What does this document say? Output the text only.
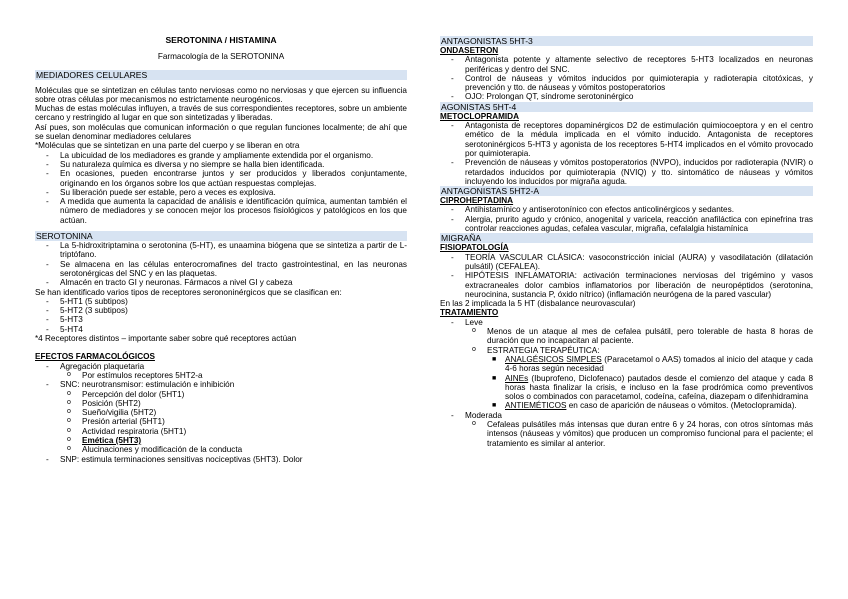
SEROTONINA / HISTAMINA

Farmacología de la SEROTONINA

MEDIADORES CELULARES

Moléculas que se sintetizan en células tanto nerviosas como no nerviosas y que ejercen su influencia sobre otras células por mecanismos no estrictamente neurogénicos.

Muchas de estas moléculas influyen, a través de sus correspondientes receptores, sobre un ambiente cercano y restringido al lugar en que son sintetizadas y liberadas.

Así pues, son moléculas que comunican información o que regulan funciones localmente; de ahí que se suelan denominar mediadores celulares

*Moléculas que se sintetizan en una parte del cuerpo y se liberan en otra

- La ubicuidad de los mediadores es grande y ampliamente extendida por el organismo.
- Su naturaleza química es diversa y no siempre se halla bien identificada.
- En ocasiones, pueden encontrarse juntos y ser producidos y liberados conjuntamente, originando en los órganos sobre los que actúan respuestas complejas.
- Su liberación puede ser estable, pero a veces es explosiva.
- A medida que aumenta la capacidad de análisis e identificación química, aumentan también el número de mediadores y se conocen mejor los procesos fisiológicos y patológicos en los que actúan.
SEROTONINA
- La 5-hidroxitriptamina o serotonina (5-HT), es unaamina biógena que se sintetiza a partir de L-triptófano.
- Se almacena en las células enterocromafines del tracto gastrointestinal, en las neuronas serotonérgicas del SNC y en las plaquetas.
- Almacén en tracto GI y neuronas. Fármacos a nivel GI y cabeza

Se han identificado varios tipos de receptores serononinérgicos que se clasifican en:

- 5-HT1 (5 subtipos)
- 5-HT2 (3 subtipos)
- 5-HT3
- 5-HT4

*4 Receptores distintos – importante saber sobre qué receptores actúan

EFECTOS FARMACOLÓGICOS
- Agregación plaquetaria
o Por estímulos receptores 5HT2-a
- SNC: neurotransmisor: estimulación e inhibición
o Percepción del dolor (5HT1)
o Posición (5HT2)
o Sueño/vigilia (5HT2)
o Presión arterial (5HT1)
o Actividad respiratoria (5HT1)
o Emética (5HT3)
o Alucinaciones y modificación de la conducta
- SNP: estimula terminaciones sensitivas nociceptivas (5HT3). Dolor
ANTAGONISTAS 5HT-3
ONDASETRON
- Antagonista potente y altamente selectivo de receptores 5-HT3 localizados en neuronas periféricas y dentro del SNC.
- Control de náuseas y vómitos inducidos por quimioterapia y radioterapia citotóxicas, y prevención y tto. de náuseas y vómitos postoperatorios
- OJO: Prolongan QT, síndrome serotoninérgico
AGONISTAS 5HT-4
METOCLOPRAMIDA
- Antagonista de receptores dopaminérgicos D2 de estimulación quimiocoeptora y en el centro emético de la médula implicada en el vómito inducido. Antagonista de receptores serotoninérgicos 5-HT3 y agonista de los receptores 5-HT4 implicados en el vómito provocado por quimioterapia.
- Prevención de náuseas y vómitos postoperatorios (NVPO), inducidos por radioterapia (NVIR) o retardados inducidos por quimioterapia (NVIQ) y tto. sintomático de náuseas y vómitos incluyendo los inducidos por migraña aguda.
ANTAGONISTAS 5HT2-A
CIPROHEPTADINA
- Antihistamínico y antiserotonínico con efectos anticolinérgicos y sedantes.
- Alergia, prurito agudo y crónico, anogenital y varicela, reacción anafiláctica con epinefrina tras controlar reacciones agudas, cefalea vascular, migraña, cefalalgia histamínica
MIGRAÑA
FISIOPATOLOGÍA
- TEORÍA VASCULAR CLÁSICA: vasoconstricción inicial (AURA) y vasodilatación (dilatación pulsátil) (CEFALEA).
- HIPÓTESIS INFLAMATORIA: activación terminaciones nerviosas del trigémino y vasos extracraneales dolor cambios inflamatorios por liberación de neuropéptidos (serotonina, neurocinina, sustancia P, óxido nítrico) (inflamación neurógena de la pared vascular)

En las 2 implicada la 5 HT (disbalance neurovascular)

TRATAMIENTO
- Leve
o Menos de un ataque al mes de cefalea pulsátil, pero tolerable de hasta 8 horas de duración que no incapacitan al paciente.
o ESTRATEGIA TERAPÉUTICA:
■ ANALGÉSICOS SIMPLES (Paracetamol o AAS) tomados al inicio del ataque y cada 4-6 horas según necesidad
■ AINEs (Ibuprofeno, Diclofenaco) pautados desde el comienzo del ataque y cada 8 horas hasta finalizar la crisis, e incluso en la fase prodrómica como preventivos solos o combinados con paracetamol, codeína, cafeína, diazepam o difenhidramina
■ ANTIEMÉTICOS en caso de aparición de náuseas o vómitos. (Metoclopramida).
- Moderada
o Cefaleas pulsátiles más intensas que duran entre 6 y 24 horas, con otros síntomas más intensos (náuseas y vómitos) que producen un compromiso funcional para el paciente; el tratamiento es similar al anterior.
